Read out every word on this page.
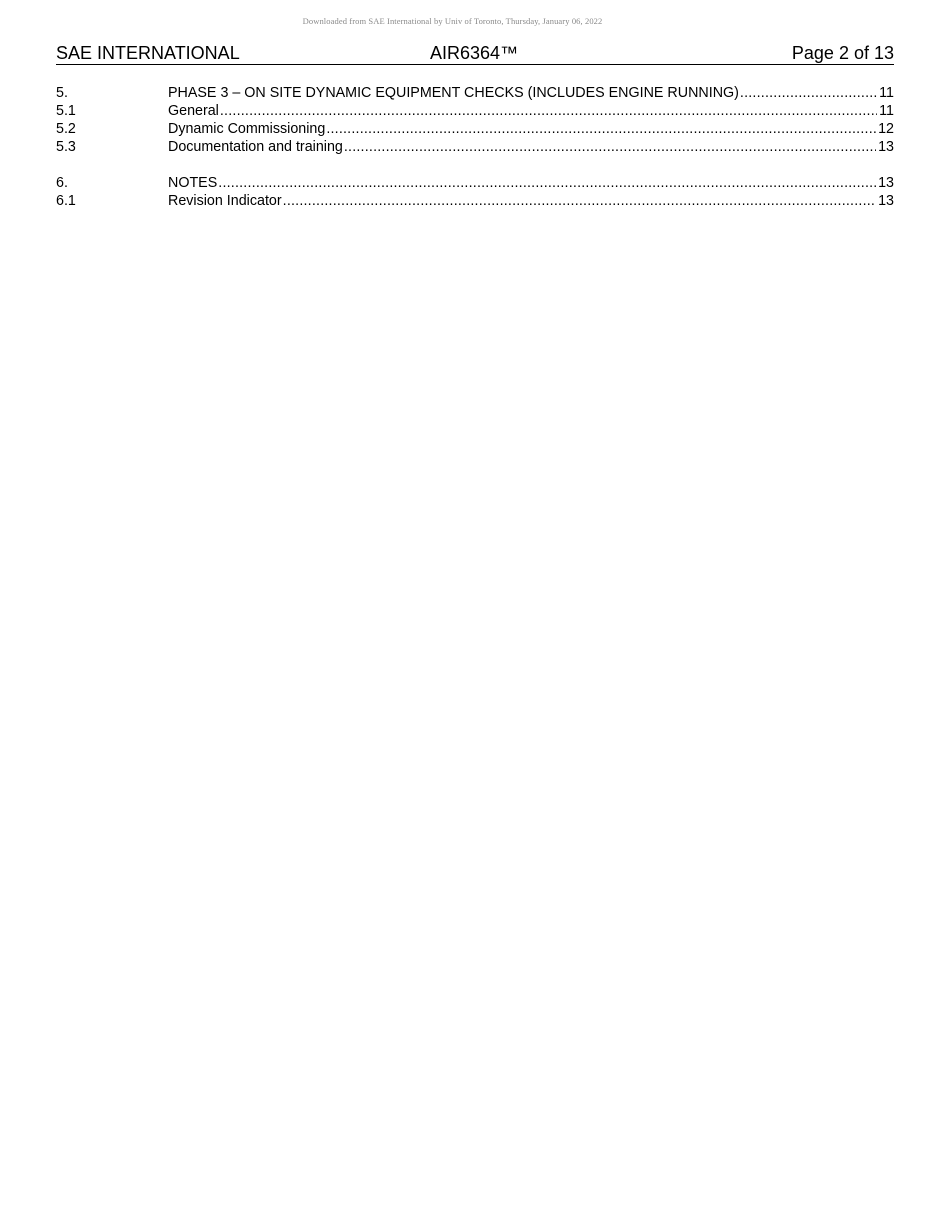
Downloaded from SAE International by Univ of Toronto, Thursday, January 06, 2022
SAE INTERNATIONAL	AIR6364™	Page 2 of 13
5.	PHASE 3 – ON SITE DYNAMIC EQUIPMENT CHECKS (INCLUDES ENGINE RUNNING) .....	11
5.1	General .....	11
5.2	Dynamic Commissioning .....	12
5.3	Documentation and training .....	13
6.	NOTES .....	13
6.1	Revision Indicator .....	13
